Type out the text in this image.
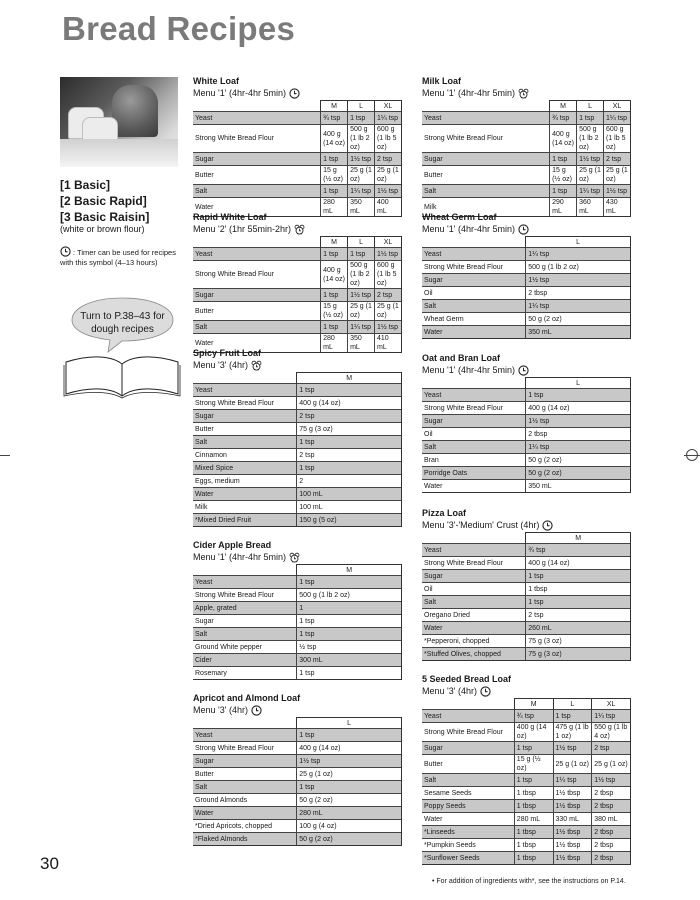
Bread Recipes
[1 Basic]
[2 Basic Rapid]
[3 Basic Raisin]
(white or brown flour)
: Timer can be used for recipes with this symbol (4–13 hours)
Turn to P.38–43 for dough recipes
White Loaf
Menu '1' (4hr-4hr 5min)
	M	L	XL
Yeast	¾ tsp	1 tsp	1¼ tsp
Strong White Bread Flour	400 g (14 oz)	500 g (1 lb 2 oz)	600 g (1 lb 5 oz)
Sugar	1 tsp	1½ tsp	2 tsp
Butter	15 g (½ oz)	25 g (1 oz)	25 g (1 oz)
Salt	1 tsp	1¼ tsp	1½ tsp
Water	280 mL	350 mL	400 mL
Rapid White Loaf
Menu '2' (1hr 55min-2hr)
	M	L	XL
Yeast	1 tsp	1 tsp	1½ tsp
Strong White Bread Flour	400 g (14 oz)	500 g (1 lb 2 oz)	600 g (1 lb 5 oz)
Sugar	1 tsp	1½ tsp	2 tsp
Butter	15 g (½ oz)	25 g (1 oz)	25 g (1 oz)
Salt	1 tsp	1¼ tsp	1½ tsp
Water	280 mL	350 mL	410 mL
Spicy Fruit Loaf
Menu '3' (4hr)
	M
Yeast	1 tsp
Strong White Bread Flour	400 g (14 oz)
Sugar	2 tsp
Butter	75 g (3 oz)
Salt	1 tsp
Cinnamon	2 tsp
Mixed Spice	1 tsp
Eggs, medium	2
Water	100 mL
Milk	100 mL
*Mixed Dried Fruit	150 g (5 oz)
Cider Apple Bread
Menu '1' (4hr-4hr 5min)
	M
Yeast	1 tsp
Strong White Bread Flour	500 g (1 lb 2 oz)
Apple, grated	1
Sugar	1 tsp
Salt	1 tsp
Ground White pepper	½ tsp
Cider	300 mL
Rosemary	1 tsp
Apricot and Almond Loaf
Menu '3' (4hr)
	L
Yeast	1 tsp
Strong White Bread Flour	400 g (14 oz)
Sugar	1½ tsp
Butter	25 g (1 oz)
Salt	1 tsp
Ground Almonds	50 g (2 oz)
Water	280 mL
*Dried Apricots, chopped	100 g (4 oz)
*Flaked Almonds	50 g (2 oz)
Milk Loaf
Menu '1' (4hr-4hr 5min)
	M	L	XL
Yeast	¾ tsp	1 tsp	1¼ tsp
Strong White Bread Flour	400 g (14 oz)	500 g (1 lb 2 oz)	600 g (1 lb 5 oz)
Sugar	1 tsp	1½ tsp	2 tsp
Butter	15 g (½ oz)	25 g (1 oz)	25 g (1 oz)
Salt	1 tsp	1¼ tsp	1½ tsp
Milk	290 mL	360 mL	430 mL
Wheat Germ Loaf
Menu '1' (4hr-4hr 5min)
	L
Yeast	1¼ tsp
Strong White Bread Flour	500 g (1 lb 2 oz)
Sugar	1½ tsp
Oil	2 tbsp
Salt	1¼ tsp
Wheat Germ	50 g (2 oz)
Water	350 mL
Oat and Bran Loaf
Menu '1' (4hr-4hr 5min)
	L
Yeast	1 tsp
Strong White Bread Flour	400 g (14 oz)
Sugar	1½ tsp
Oil	2 tbsp
Salt	1¼ tsp
Bran	50 g (2 oz)
Porridge Oats	50 g (2 oz)
Water	350 mL
Pizza Loaf
Menu '3'-'Medium' Crust (4hr)
	M
Yeast	¾ tsp
Strong White Bread Flour	400 g (14 oz)
Sugar	1 tsp
Oil	1 tbsp
Salt	1 tsp
Oregano Dried	2 tsp
Water	260 mL
*Pepperoni, chopped	75 g (3 oz)
*Stuffed Olives, chopped	75 g (3 oz)
5 Seeded Bread Loaf
Menu '3' (4hr)
	M	L	XL
Yeast	¾ tsp	1 tsp	1¼ tsp
Strong White Bread Flour	400 g (14 oz)	475 g (1 lb 1 oz)	550 g (1 lb 4 oz)
Sugar	1 tsp	1½ tsp	2 tsp
Butter	15 g (½ oz)	25 g (1 oz)	25 g (1 oz)
Salt	1 tsp	1¼ tsp	1½ tsp
Sesame Seeds	1 tbsp	1½ tbsp	2 tbsp
Poppy Seeds	1 tbsp	1½ tbsp	2 tbsp
Water	280 mL	330 mL	380 mL
*Linseeds	1 tbsp	1½ tbsp	2 tbsp
*Pumpkin Seeds	1 tbsp	1½ tbsp	2 tbsp
*Sunflower Seeds	1 tbsp	1½ tbsp	2 tbsp
30
• For addition of ingredients with*, see the instructions on P.14.
